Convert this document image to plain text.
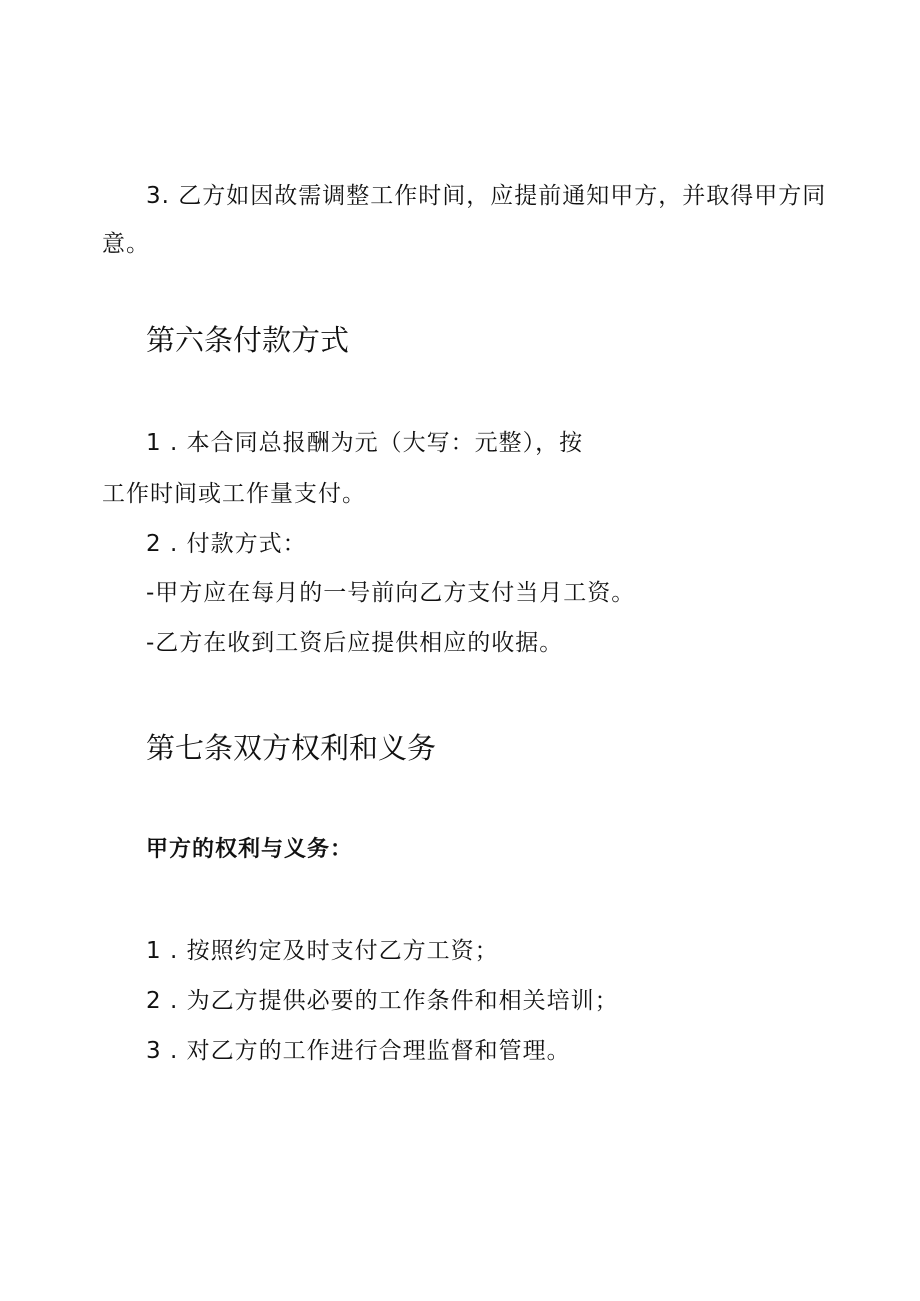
3. 乙方如因故需调整工作时间，应提前通知甲方，并取得甲方同
意。
第六条付款方式
1 . 本合同总报酬为元（大写：元整），按
工作时间或工作量支付。
2 . 付款方式：
-甲方应在每月的一号前向乙方支付当月工资。
-乙方在收到工资后应提供相应的收据。
第七条双方权利和义务
甲方的权利与义务：
1 . 按照约定及时支付乙方工资；
2 . 为乙方提供必要的工作条件和相关培训；
3 . 对乙方的工作进行合理监督和管理。
